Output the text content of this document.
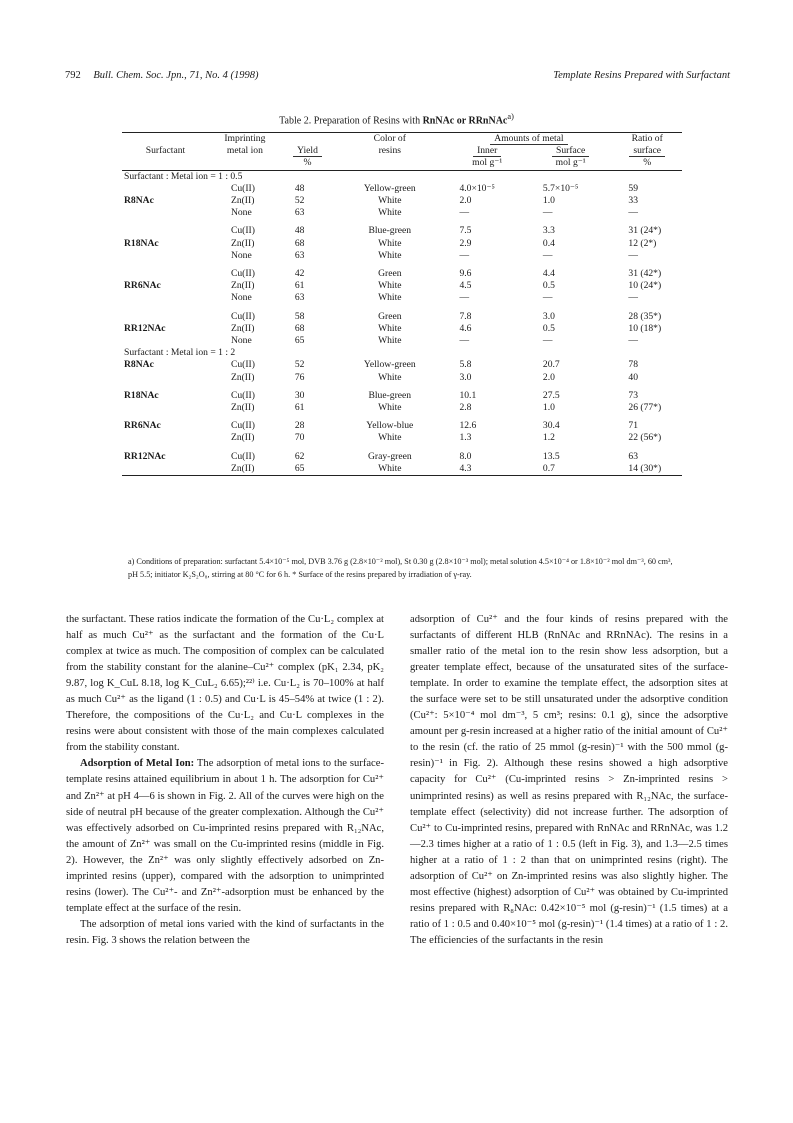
792 Bull. Chem. Soc. Jpn., 71, No. 4 (1998)	Template Resins Prepared with Surfactant
Table 2. Preparation of Resins with RnNAc or RRnNAc$^{a)}$
	Imprinting		Color of	Amounts of metal		Ratio of
Surfactant	metal ion	Yield	resins	Inner	Surface	surface
		%		mol g⁻¹	mol g⁻¹	%
Surfactant : Metal ion = 1 : 0.5						
	Cu(II)	48	Yellow-green	4.0×10⁻⁵	5.7×10⁻⁵	59
R8NAc	Zn(II)	52	White	2.0	1.0	33
	None	63	White	—	—	—

	Cu(II)	48	Blue-green	7.5	3.3	31 (24*)
R18NAc	Zn(II)	68	White	2.9	0.4	12 (2*)
	None	63	White	—	—	—

	Cu(II)	42	Green	9.6	4.4	31 (42*)
RR6NAc	Zn(II)	61	White	4.5	0.5	10 (24*)
	None	63	White	—	—	—

	Cu(II)	58	Green	7.8	3.0	28 (35*)
RR12NAc	Zn(II)	68	White	4.6	0.5	10 (18*)
	None	65	White	—	—	—
Surfactant : Metal ion = 1 : 2						
R8NAc	Cu(II)	52	Yellow-green	5.8	20.7	78
	Zn(II)	76	White	3.0	2.0	40

R18NAc	Cu(II)	30	Blue-green	10.1	27.5	73
	Zn(II)	61	White	2.8	1.0	26 (77*)

RR6NAc	Cu(II)	28	Yellow-blue	12.6	30.4	71
	Zn(II)	70	White	1.3	1.2	22 (56*)

RR12NAc	Cu(II)	62	Gray-green	8.0	13.5	63
	Zn(II)	65	White	4.3	0.7	14 (30*)
a) Conditions of preparation: surfactant 5.4×10⁻⁵ mol, DVB 3.76 g (2.8×10⁻² mol), St 0.30 g (2.8×10⁻³ mol); metal solution 4.5×10⁻⁴ or 1.8×10⁻² mol dm⁻³, 60 cm³, pH 5.5; initiator K₂S₂O₈, stirring at 80 °C for 6 h. * Surface of the resins prepared by irradiation of γ-ray.

the surfactant. These ratios indicate the formation of the Cu·L₂ complex at half as much Cu²⁺ as the surfactant and the formation of the Cu·L complex at twice as much. The composition of complex can be calculated from the stability constant for the alanine–Cu²⁺ complex (pK₁ 2.34, pK₂ 9.87, log K_CuL 8.18, log K_CuL₂ 6.65);²²⁾ i.e. Cu·L₂ is 70–100% at half as much Cu²⁺ as the ligand (1 : 0.5) and Cu·L is 45–54% at twice (1 : 2). Therefore, the compositions of the Cu·L₂ and Cu·L complexes in the resins were about consistent with those of the main complexes calculated from the stability constant.

Adsorption of Metal Ion: The adsorption of metal ions to the surface-template resins attained equilibrium in about 1 h. The adsorption for Cu²⁺ and Zn²⁺ at pH 4—6 is shown in Fig. 2. All of the curves were high on the side of neutral pH because of the greater complexation. Although the Cu²⁺ was effectively adsorbed on Cu-imprinted resins prepared with R₁₂NAc, the amount of Zn²⁺ was small on the Cu-imprinted resins (middle in Fig. 2). However, the Zn²⁺ was only slightly effectively adsorbed on Zn-imprinted resins (upper), compared with the adsorption to unimprinted resins (lower). The Cu²⁺- and Zn²⁺-adsorption must be enhanced by the template effect at the surface of the resin.

The adsorption of metal ions varied with the kind of surfactants in the resin. Fig. 3 shows the relation between the

adsorption of Cu²⁺ and the four kinds of resins prepared with the surfactants of different HLB (RnNAc and RRnNAc). The resins in a smaller ratio of the metal ion to the resin show less adsorption, but a greater template effect, because of the unsaturated sites of the surface-template. In order to examine the template effect, the adsorption sites at the surface were set to be still unsaturated under the adsorptive condition (Cu²⁺: 5×10⁻⁴ mol dm⁻³, 5 cm³; resins: 0.1 g), since the adsorptive amount per g-resin increased at a higher ratio of the initial amount of Cu²⁺ to the resin (cf. the ratio of 25 mmol (g-resin)⁻¹ with the 500 mmol (g-resin)⁻¹ in Fig. 2). Although these resins showed a high adsorptive capacity for Cu²⁺ (Cu-imprinted resins > Zn-imprinted resins > unimprinted resins) as well as resins prepared with R₁₂NAc, the surface-template effect (selectivity) did not increase further. The adsorption of Cu²⁺ to Cu-imprinted resins, prepared with RnNAc and RRnNAc, was 1.2—2.3 times higher at a ratio of 1 : 0.5 (left in Fig. 3), and 1.3—2.5 times higher at a ratio of 1 : 2 than that on unimprinted resins (right). The adsorption of Cu²⁺ on Zn-imprinted resins was also slightly higher. The most effective (highest) adsorption of Cu²⁺ was obtained by Cu-imprinted resins prepared with R₈NAc: 0.42×10⁻⁵ mol (g-resin)⁻¹ (1.5 times) at a ratio of 1 : 0.5 and 0.40×10⁻⁵ mol (g-resin)⁻¹ (1.4 times) at a ratio of 1 : 2. The efficiencies of the surfactants in the resin
